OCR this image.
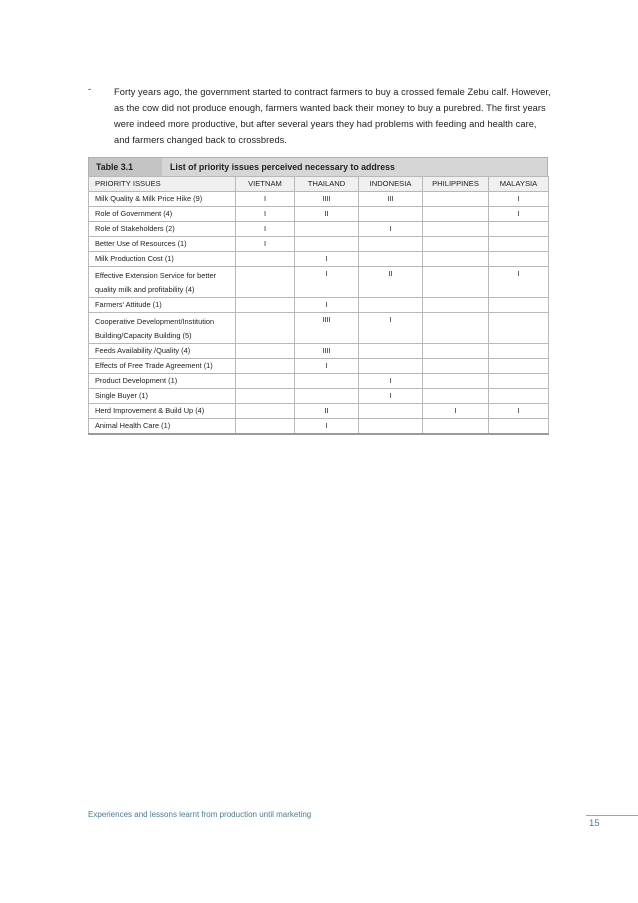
- Forty years ago, the government started to contract farmers to buy a crossed female Zebu calf. However, as the cow did not produce enough, farmers wanted back their money to buy a purebred. The first years were indeed more productive, but after several years they had problems with feeding and health care, and farmers changed back to crossbreds.
Table 3.1	List of priority issues perceived necessary to address
PRIORITY ISSUES	VIETNAM	THAILAND	INDONESIA	PHILIPPINES	MALAYSIA
Milk Quality & Milk Price Hike (9)	I	IIII	III		I
Role of Government (4)	I	II			I
Role of Stakeholders (2)	I		I		
Better Use of Resources (1)	I				
Milk Production Cost (1)		I			
Effective Extension Service for better quality milk and profitability (4)		I	II		I
Farmers' Attitude (1)		I			
Cooperative Development/Institution Building/Capacity Building (5)		IIII	I		
Feeds Availability /Quality (4)		IIII			
Effects of Free Trade Agreement (1)		I			
Product Development (1)			I		
Single Buyer (1)			I		
Herd Improvement & Build Up (4)		II		I	I
Animal Health Care (1)		I			
Experiences and lessons learnt from production until marketing
15
